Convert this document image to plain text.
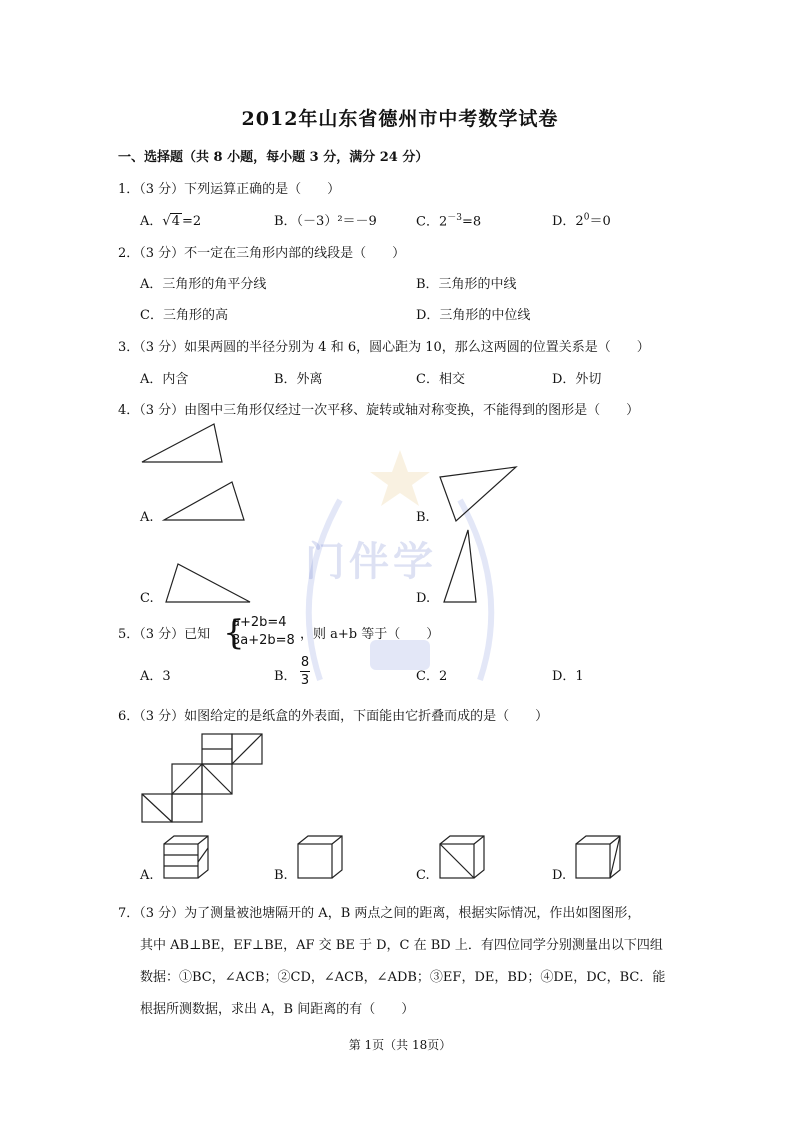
门伴学
2012年山东省德州市中考数学试卷
一、选择题（共 8 小题，每小题 3 分，满分 24 分）
1．（3 分）下列运算正确的是（　　）
A．√4 =2	B．（－3）²＝－9	C．$2^{-3}=8$	D．$2^0=0$
2．（3 分）不一定在三角形内部的线段是（　　）
A．三角形的角平分线	B．三角形的中线
C．三角形的高	D．三角形的中位线
3．（3 分）如果两圆的半径分别为 4 和 6，圆心距为 10，那么这两圆的位置关系是（　　）
A．内含	B．外离	C．相交	D．外切
4．（3 分）由图中三角形仅经过一次平移、旋转或轴对称变换，不能得到的图形是（　　）
A.	B.
C.	D.
5．（3 分）已知 {
a+2b=4
3a+2b=8 ，则 a+b 等于（　　）
A．3	B．
8
3	C．2	D．1
6．（3 分）如图给定的是纸盒的外表面，下面能由它折叠而成的是（　　）
A.	B.	C.	D.
7．（3 分）为了测量被池塘隔开的 A，B 两点之间的距离，根据实际情况，作出如图图形，
其中 AB⊥BE，EF⊥BE，AF 交 BE 于 D，C 在 BD 上．有四位同学分别测量出以下四组
数据：①BC，∠ACB；②CD，∠ACB，∠ADB；③EF，DE，BD；④DE，DC，BC．能
根据所测数据，求出 A，B 间距离的有（　　）
第 1页（共 18页）
